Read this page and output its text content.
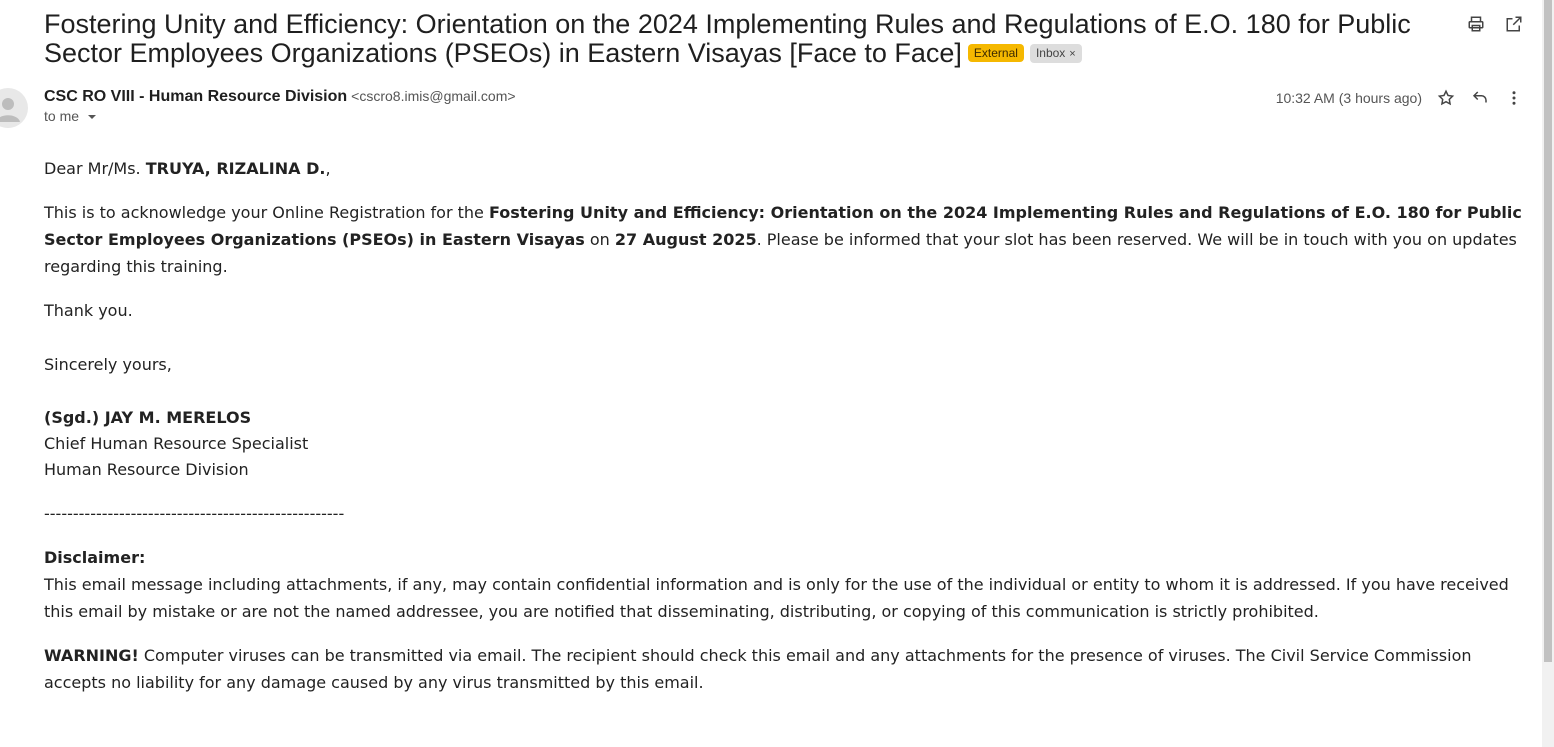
Fostering Unity and Efficiency: Orientation on the 2024 Implementing Rules and Regulations of E.O. 180 for Public Sector Employees Organizations (PSEOs) in Eastern Visayas [Face to Face] External Inbox ×
CSC RO VIII - Human Resource Division <cscro8.imis@gmail.com>
to me
10:32 AM (3 hours ago)

Dear Mr/Ms. TRUYA, RIZALINA D.,

This is to acknowledge your Online Registration for the Fostering Unity and Efficiency: Orientation on the 2024 Implementing Rules and Regulations of E.O. 180 for Public Sector Employees Organizations (PSEOs) in Eastern Visayas on 27 August 2025. Please be informed that your slot has been reserved. We will be in touch with you on updates regarding this training.

Thank you.

Sincerely yours,

(Sgd.) JAY M. MERELOS

Chief Human Resource Specialist

Human Resource Division

----------------------------------------------------

Disclaimer:

This email message including attachments, if any, may contain confidential information and is only for the use of the individual or entity to whom it is addressed. If you have received this email by mistake or are not the named addressee, you are notified that disseminating, distributing, or copying of this communication is strictly prohibited.

WARNING! Computer viruses can be transmitted via email. The recipient should check this email and any attachments for the presence of viruses. The Civil Service Commission accepts no liability for any damage caused by any virus transmitted by this email.
